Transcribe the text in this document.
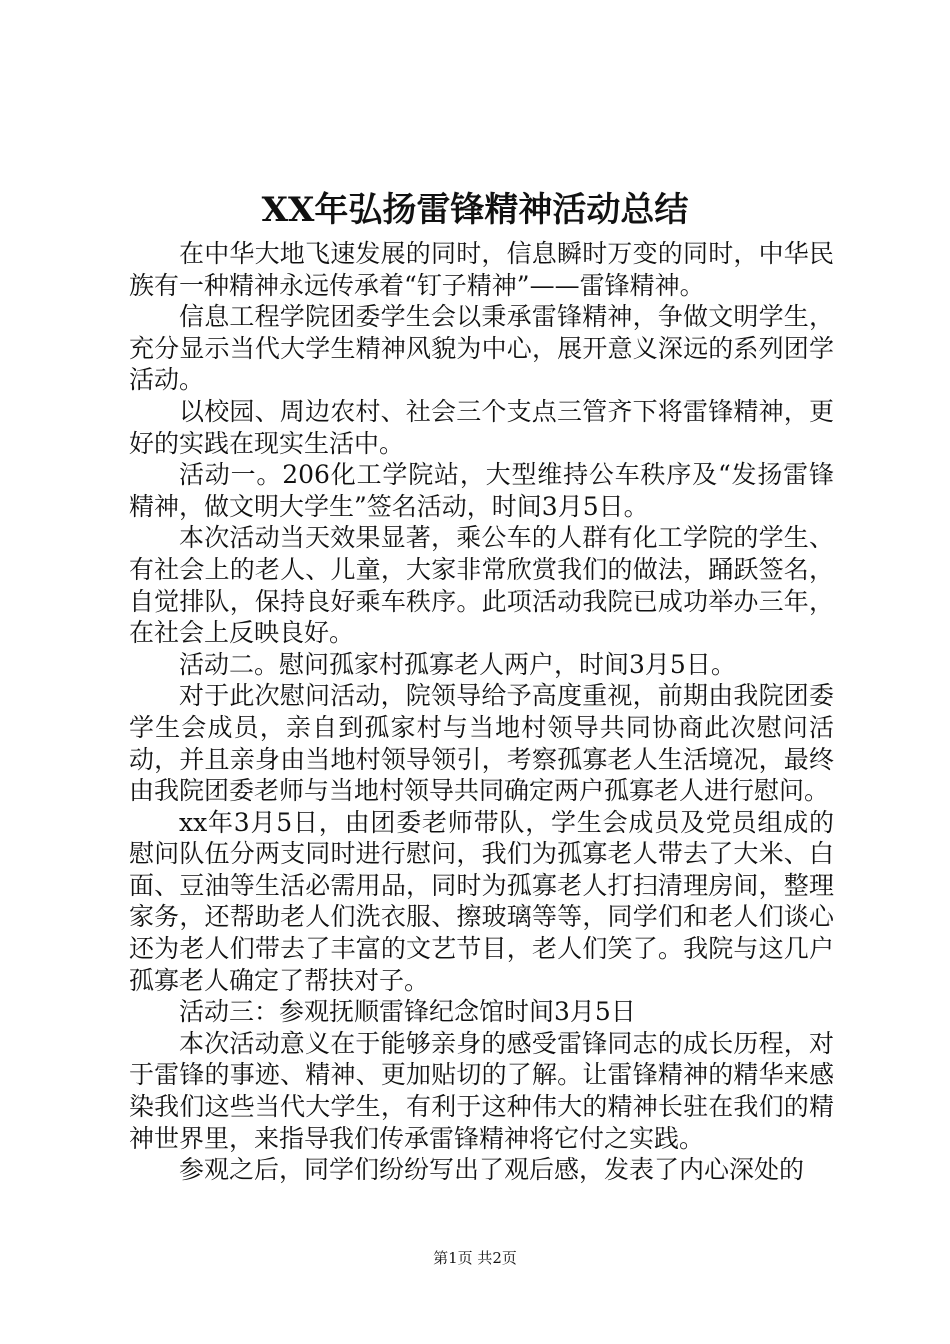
XX年弘扬雷锋精神活动总结

在中华大地飞速发展的同时，信息瞬时万变的同时，中华民族有一种精神永远传承着“钉子精神”——雷锋精神。

信息工程学院团委学生会以秉承雷锋精神，争做文明学生，充分显示当代大学生精神风貌为中心，展开意义深远的系列团学活动。

以校园、周边农村、社会三个支点三管齐下将雷锋精神，更好的实践在现实生活中。

活动一。206化工学院站，大型维持公车秩序及“发扬雷锋精神，做文明大学生”签名活动，时间3月5日。

本次活动当天效果显著，乘公车的人群有化工学院的学生、有社会上的老人、儿童，大家非常欣赏我们的做法，踊跃签名，自觉排队，保持良好乘车秩序。此项活动我院已成功举办三年，在社会上反映良好。

活动二。慰问孤家村孤寡老人两户，时间3月5日。

对于此次慰问活动，院领导给予高度重视，前期由我院团委学生会成员，亲自到孤家村与当地村领导共同协商此次慰问活动，并且亲身由当地村领导领引，考察孤寡老人生活境况，最终由我院团委老师与当地村领导共同确定两户孤寡老人进行慰问。

xx年3月5日，由团委老师带队，学生会成员及党员组成的慰问队伍分两支同时进行慰问，我们为孤寡老人带去了大米、白面、豆油等生活必需用品，同时为孤寡老人打扫清理房间，整理家务，还帮助老人们洗衣服、擦玻璃等等，同学们和老人们谈心还为老人们带去了丰富的文艺节目，老人们笑了。我院与这几户孤寡老人确定了帮扶对子。

活动三：参观抚顺雷锋纪念馆时间3月5日

本次活动意义在于能够亲身的感受雷锋同志的成长历程，对于雷锋的事迹、精神、更加贴切的了解。让雷锋精神的精华来感染我们这些当代大学生，有利于这种伟大的精神长驻在我们的精神世界里，来指导我们传承雷锋精神将它付之实践。

参观之后，同学们纷纷写出了观后感，发表了内心深处的

第1页 共2页
